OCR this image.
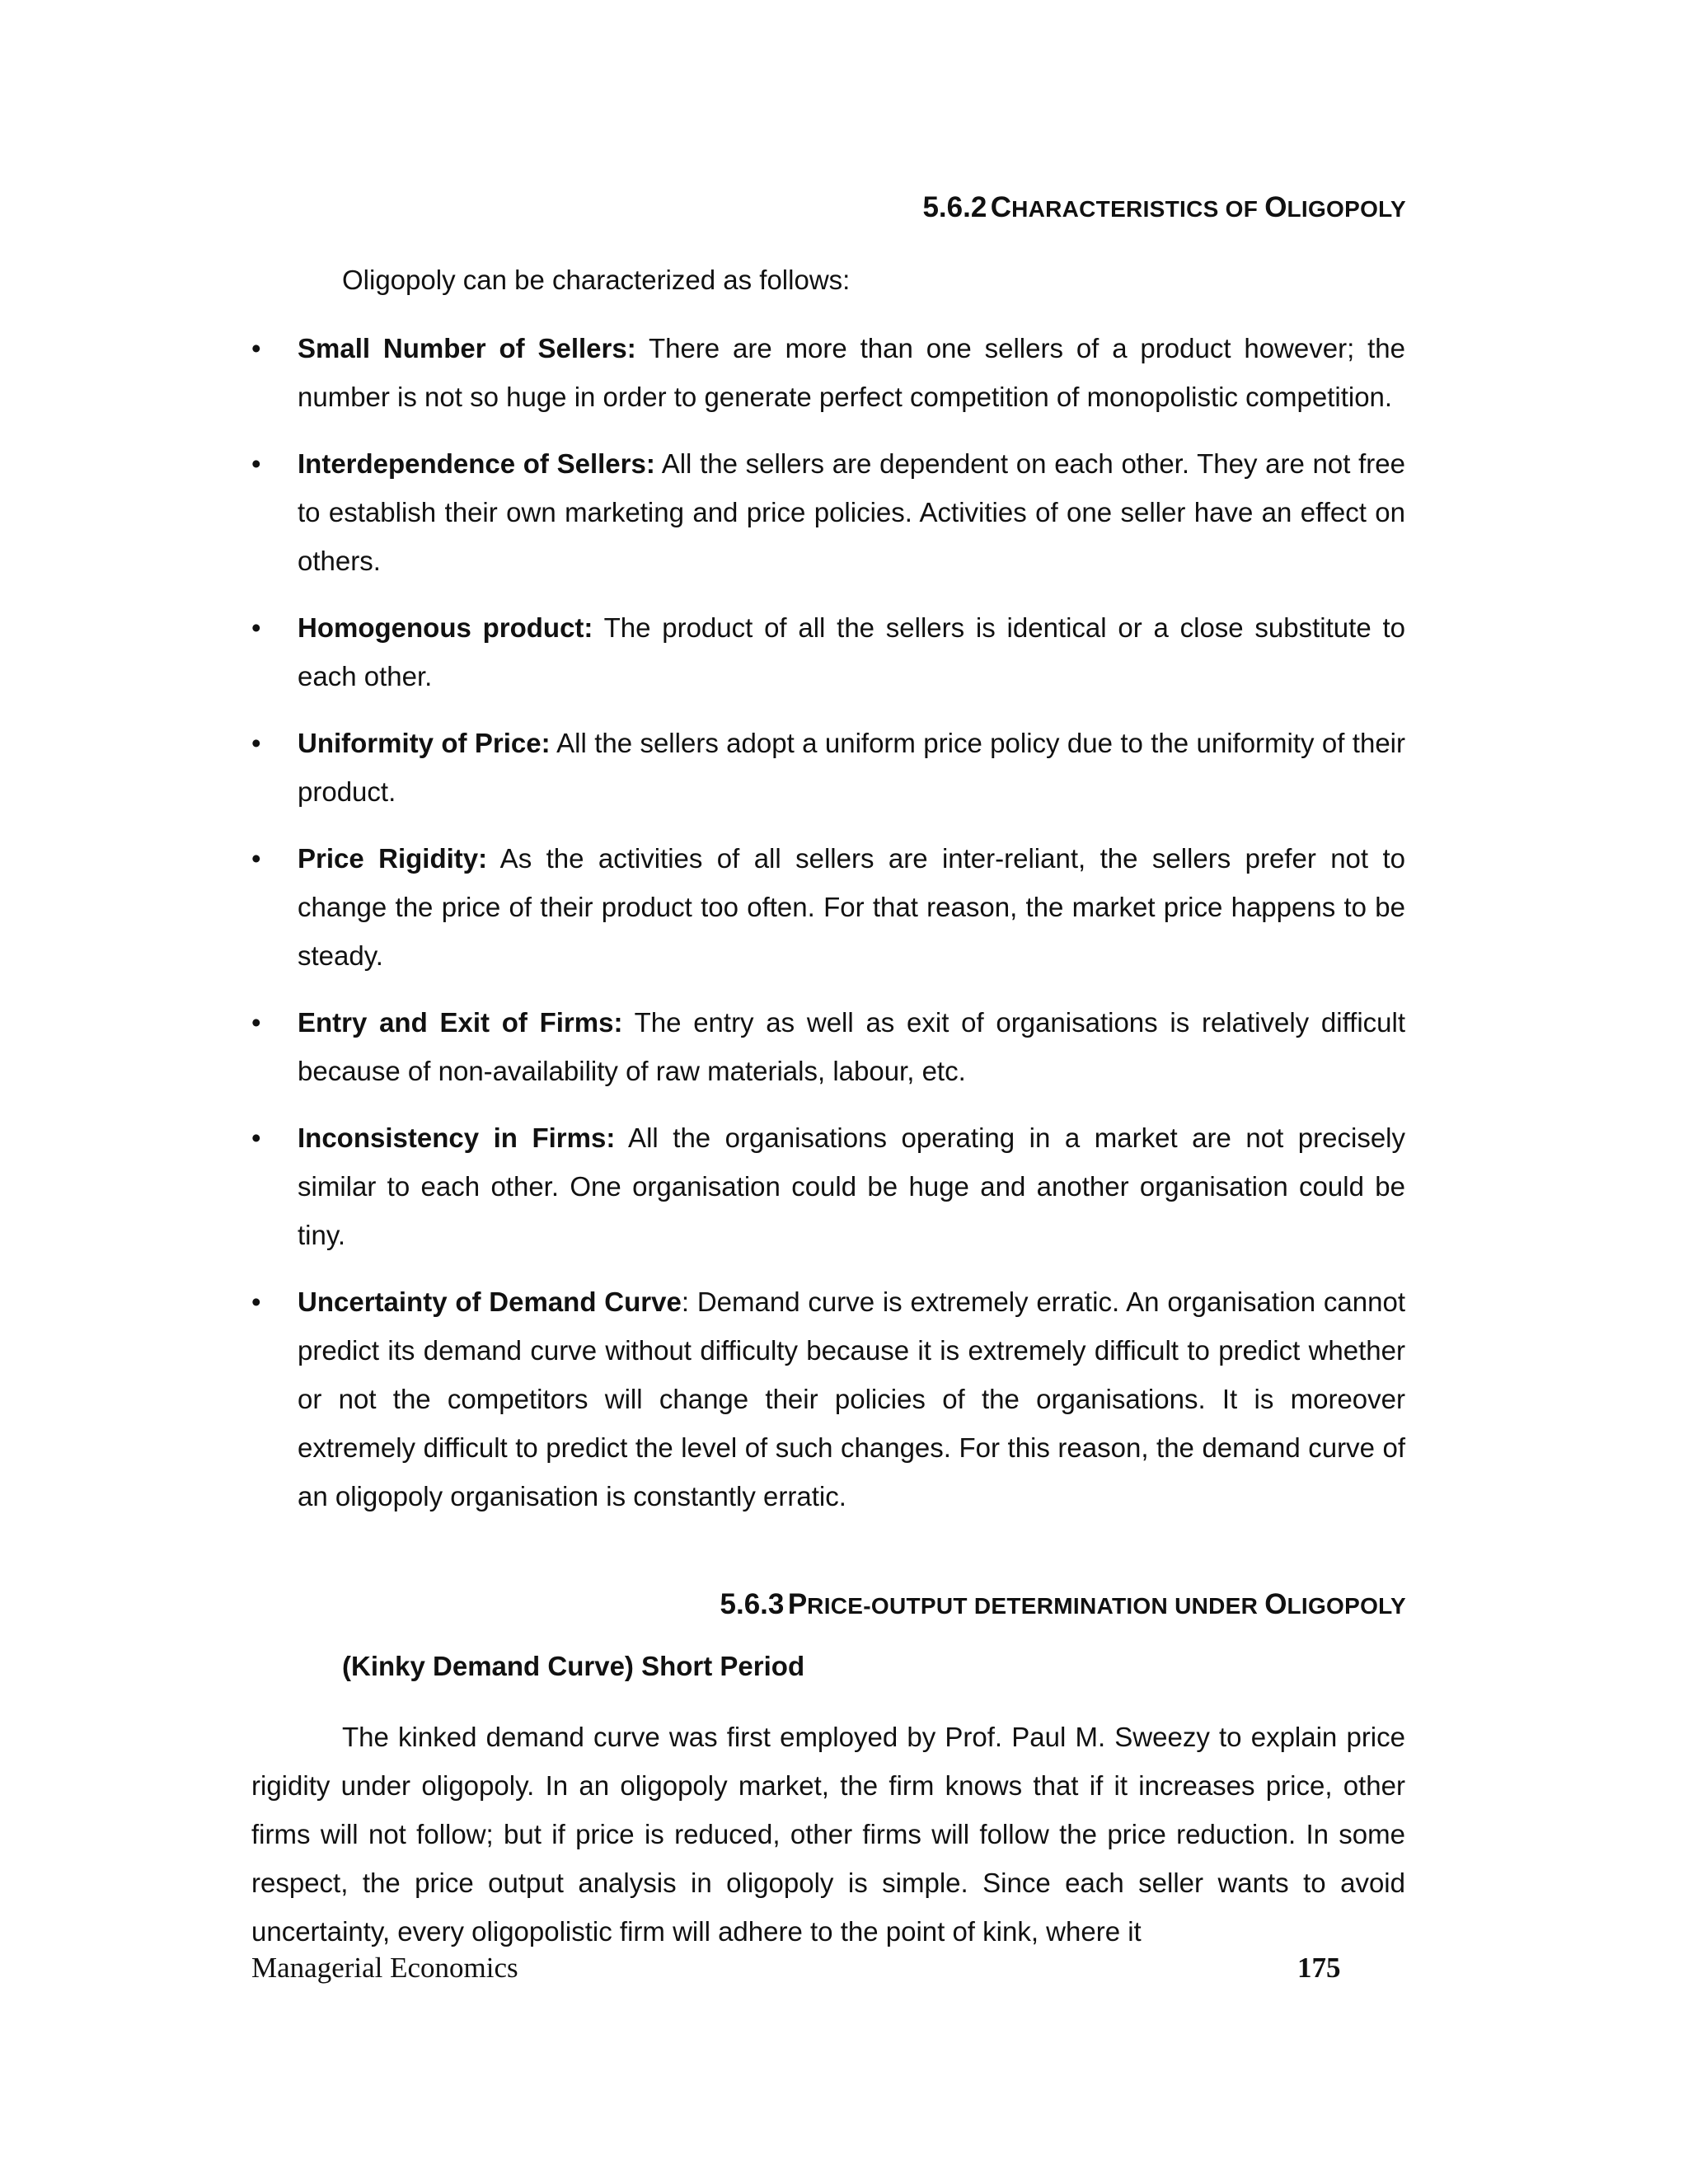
5.6.2 CHARACTERISTICS OF OLIGOPOLY
Oligopoly can be characterized as follows:
• Small Number of Sellers: There are more than one sellers of a product however; the number is not so huge in order to generate perfect competition of monopolistic competition.
• Interdependence of Sellers: All the sellers are dependent on each other. They are not free to establish their own marketing and price policies. Activities of one seller have an effect on others.
• Homogenous product: The product of all the sellers is identical or a close substitute to each other.
• Uniformity of Price: All the sellers adopt a uniform price policy due to the uniformity of their product.
• Price Rigidity: As the activities of all sellers are inter-reliant, the sellers prefer not to change the price of their product too often. For that reason, the market price happens to be steady.
• Entry and Exit of Firms: The entry as well as exit of organisations is relatively difficult because of non-availability of raw materials, labour, etc.
• Inconsistency in Firms: All the organisations operating in a market are not precisely similar to each other. One organisation could be huge and another organisation could be tiny.
• Uncertainty of Demand Curve: Demand curve is extremely erratic. An organisation cannot predict its demand curve without difficulty because it is extremely difficult to predict whether or not the competitors will change their policies of the organisations. It is moreover extremely difficult to predict the level of such changes. For this reason, the demand curve of an oligopoly organisation is constantly erratic.
5.6.3 PRICE-OUTPUT DETERMINATION UNDER OLIGOPOLY
(Kinky Demand Curve) Short Period

The kinked demand curve was first employed by Prof. Paul M. Sweezy to explain price rigidity under oligopoly. In an oligopoly market, the firm knows that if it increases price, other firms will not follow; but if price is reduced, other firms will follow the price reduction. In some respect, the price output analysis in oligopoly is simple. Since each seller wants to avoid uncertainty, every oligopolistic firm will adhere to the point of kink, where it

Managerial Economics	175
